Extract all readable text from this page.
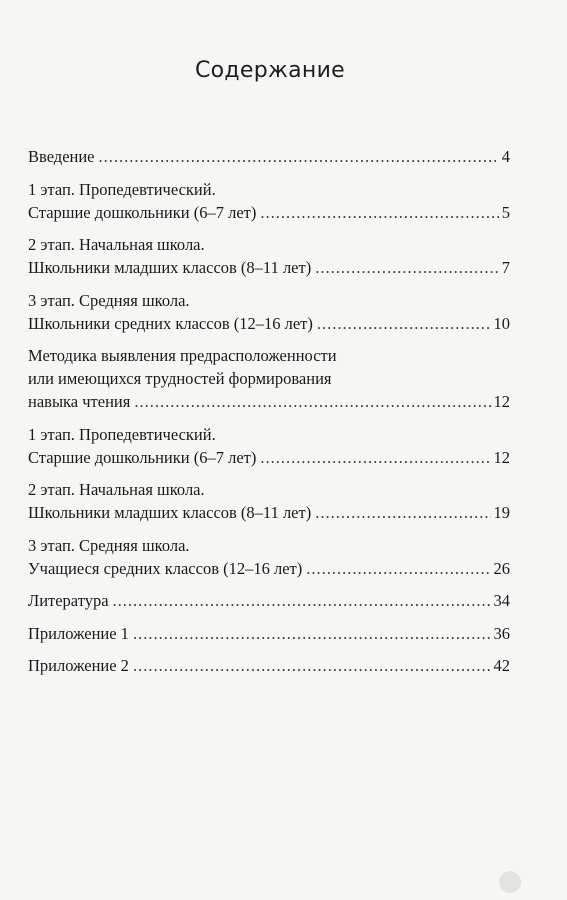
Содержание
Введение .....	4
1 этап. Пропедевтический.
Старшие дошкольники (6–7 лет) .....	5
2 этап. Начальная школа.
Школьники младших классов (8–11 лет) .....	7
3 этап. Средняя школа.
Школьники средних классов (12–16 лет) .....	10
Методика выявления предрасположенности
или имеющихся трудностей формирования
навыка чтения .....	12
1 этап. Пропедевтический.
Старшие дошкольники (6–7 лет) .....	12
2 этап. Начальная школа.
Школьники младших классов (8–11 лет) .....	19
3 этап. Средняя школа.
Учащиеся средних классов (12–16 лет) .....	26
Литература .....	34
Приложение 1 .....	36
Приложение 2 .....	42
